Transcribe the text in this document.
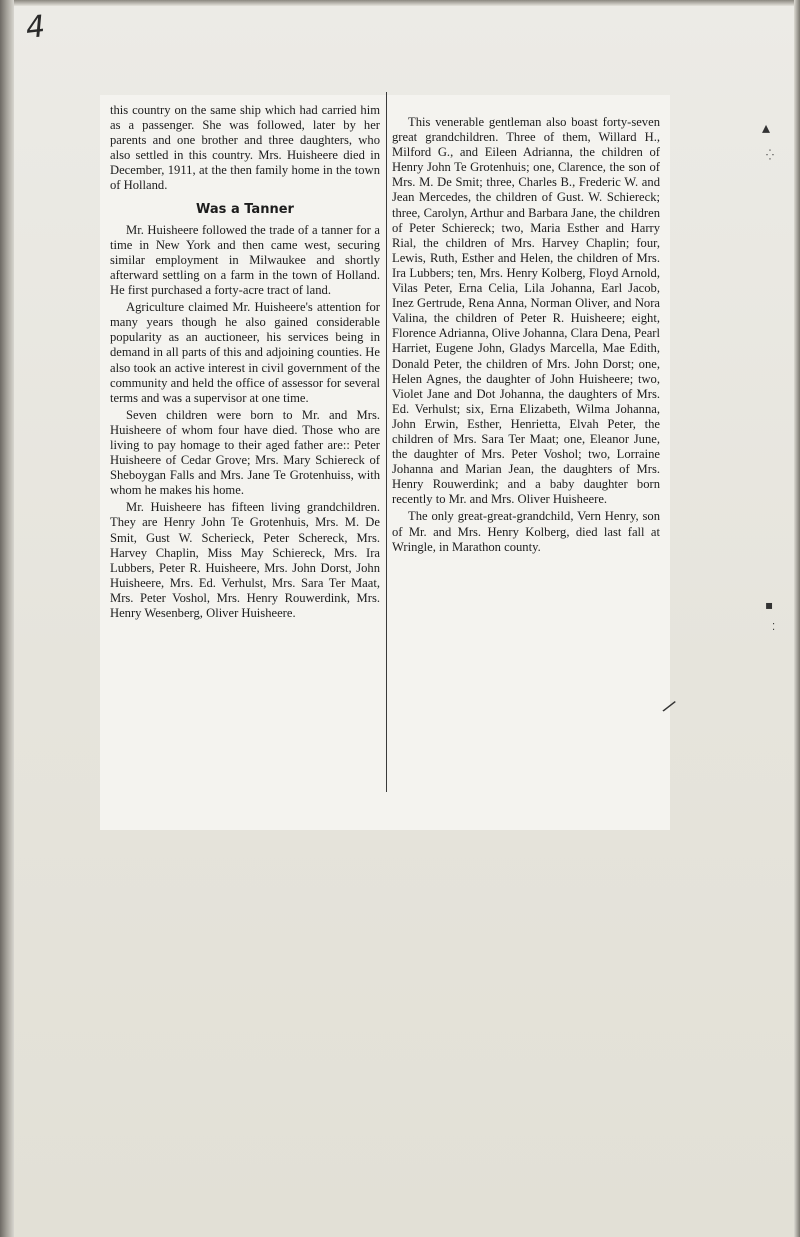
4

this country on the same ship which had carried him as a passenger. She was followed, later by her parents and one brother and three daughters, who also settled in this country. Mrs. Huisheere died in December, 1911, at the then family home in the town of Holland.

Was a Tanner

Mr. Huisheere followed the trade of a tanner for a time in New York and then came west, securing similar employment in Milwaukee and shortly afterward settling on a farm in the town of Holland. He first purchased a forty-acre tract of land.

Agriculture claimed Mr. Huisheere's attention for many years though he also gained considerable popularity as an auctioneer, his services being in demand in all parts of this and adjoining counties. He also took an active interest in civil government of the community and held the office of assessor for several terms and was a supervisor at one time.

Seven children were born to Mr. and Mrs. Huisheere of whom four have died. Those who are living to pay homage to their aged father are:: Peter Huisheere of Cedar Grove; Mrs. Mary Schiereck of Sheboygan Falls and Mrs. Jane Te Grotenhuiss, with whom he makes his home.

Mr. Huisheere has fifteen living grandchildren. They are Henry John Te Grotenhuis, Mrs. M. De Smit, Gust W. Scherieck, Peter Schereck, Mrs. Harvey Chaplin, Miss May Schiereck, Mrs. Ira Lubbers, Peter R. Huisheere, Mrs. John Dorst, John Huisheere, Mrs. Ed. Verhulst, Mrs. Sara Ter Maat, Mrs. Peter Voshol, Mrs. Henry Rouwerdink, Mrs. Henry Wesenberg, Oliver Huisheere.

This venerable gentleman also boast forty-seven great grandchildren. Three of them, Willard H., Milford G., and Eileen Adrianna, the children of Henry John Te Grotenhuis; one, Clarence, the son of Mrs. M. De Smit; three, Charles B., Frederic W. and Jean Mercedes, the children of Gust. W. Schiereck; three, Carolyn, Arthur and Barbara Jane, the children of Peter Schiereck; two, Maria Esther and Harry Rial, the children of Mrs. Harvey Chaplin; four, Lewis, Ruth, Esther and Helen, the children of Mrs. Ira Lubbers; ten, Mrs. Henry Kolberg, Floyd Arnold, Vilas Peter, Erna Celia, Lila Johanna, Earl Jacob, Inez Gertrude, Rena Anna, Norman Oliver, and Nora Valina, the children of Peter R. Huisheere; eight, Florence Adrianna, Olive Johanna, Clara Dena, Pearl Harriet, Eugene John, Gladys Marcella, Mae Edith, Donald Peter, the children of Mrs. John Dorst; one, Helen Agnes, the daughter of John Huisheere; two, Violet Jane and Dot Johanna, the daughters of Mrs. Ed. Verhulst; six, Erna Elizabeth, Wilma Johanna, John Erwin, Esther, Henrietta, Elvah Peter, the children of Mrs. Sara Ter Maat; one, Eleanor June, the daughter of Mrs. Peter Voshol; two, Lorraine Johanna and Marian Jean, the daughters of Mrs. Henry Rouwerdink; and a baby daughter born recently to Mr. and Mrs. Oliver Huisheere.

The only great-great-grandchild, Vern Henry, son of Mr. and Mrs. Henry Kolberg, died last fall at Wringle, in Marathon county.

▴
⁛
▪
⁚
/
